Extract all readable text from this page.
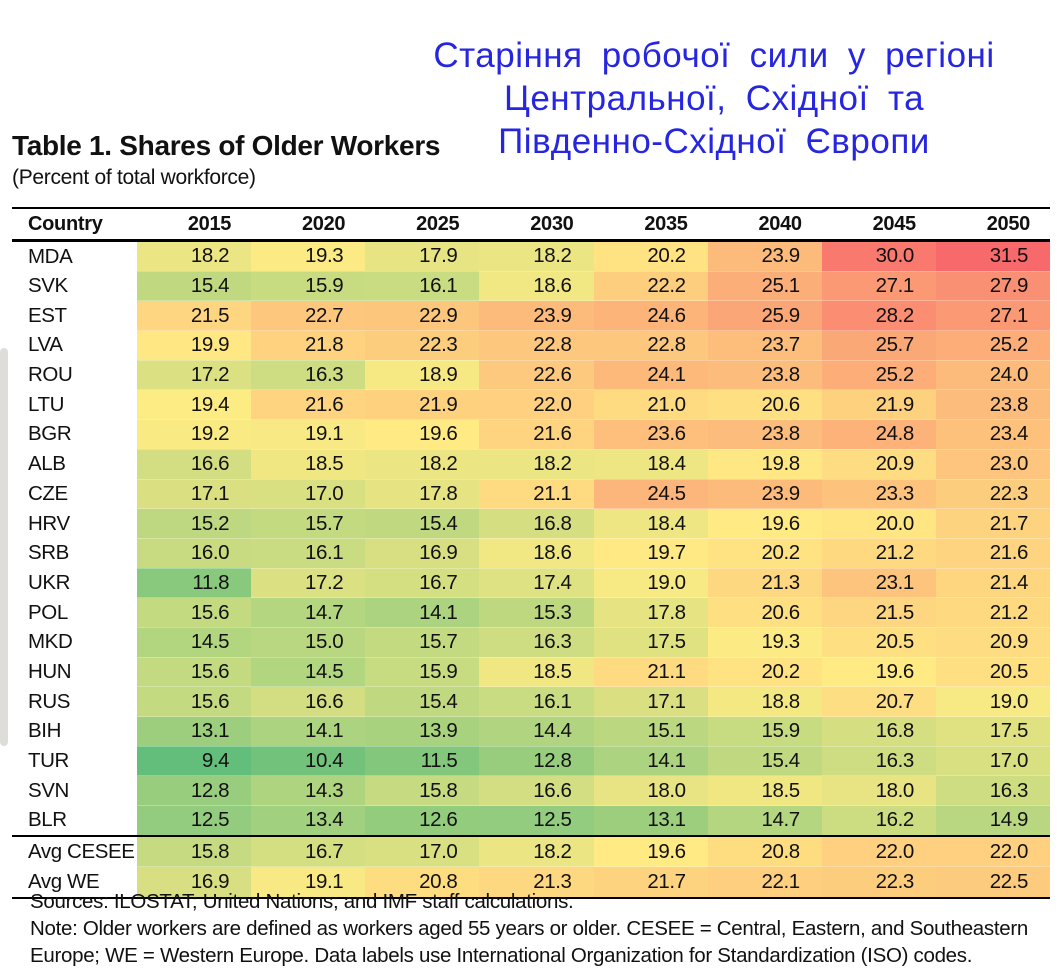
Старіння робочої сили у регіоні
Центральної, Східної та
Південно-Східної Європи
Table 1. Shares of Older Workers
(Percent of total workforce)
Country	2015	2020	2025	2030	2035	2040	2045	2050
MDA	18.2	19.3	17.9	18.2	20.2	23.9	30.0	31.5
SVK	15.4	15.9	16.1	18.6	22.2	25.1	27.1	27.9
EST	21.5	22.7	22.9	23.9	24.6	25.9	28.2	27.1
LVA	19.9	21.8	22.3	22.8	22.8	23.7	25.7	25.2
ROU	17.2	16.3	18.9	22.6	24.1	23.8	25.2	24.0
LTU	19.4	21.6	21.9	22.0	21.0	20.6	21.9	23.8
BGR	19.2	19.1	19.6	21.6	23.6	23.8	24.8	23.4
ALB	16.6	18.5	18.2	18.2	18.4	19.8	20.9	23.0
CZE	17.1	17.0	17.8	21.1	24.5	23.9	23.3	22.3
HRV	15.2	15.7	15.4	16.8	18.4	19.6	20.0	21.7
SRB	16.0	16.1	16.9	18.6	19.7	20.2	21.2	21.6
UKR	11.8	17.2	16.7	17.4	19.0	21.3	23.1	21.4
POL	15.6	14.7	14.1	15.3	17.8	20.6	21.5	21.2
MKD	14.5	15.0	15.7	16.3	17.5	19.3	20.5	20.9
HUN	15.6	14.5	15.9	18.5	21.1	20.2	19.6	20.5
RUS	15.6	16.6	15.4	16.1	17.1	18.8	20.7	19.0
BIH	13.1	14.1	13.9	14.4	15.1	15.9	16.8	17.5
TUR	9.4	10.4	11.5	12.8	14.1	15.4	16.3	17.0
SVN	12.8	14.3	15.8	16.6	18.0	18.5	18.0	16.3
BLR	12.5	13.4	12.6	12.5	13.1	14.7	16.2	14.9
Avg CESEE	15.8	16.7	17.0	18.2	19.6	20.8	22.0	22.0
Avg WE	16.9	19.1	20.8	21.3	21.7	22.1	22.3	22.5
Sources: ILOSTAT; United Nations; and IMF staff calculations.
Note: Older workers are defined as workers aged 55 years or older. CESEE = Central, Eastern, and Southeastern
Europe; WE = Western Europe. Data labels use International Organization for Standardization (ISO) codes.
